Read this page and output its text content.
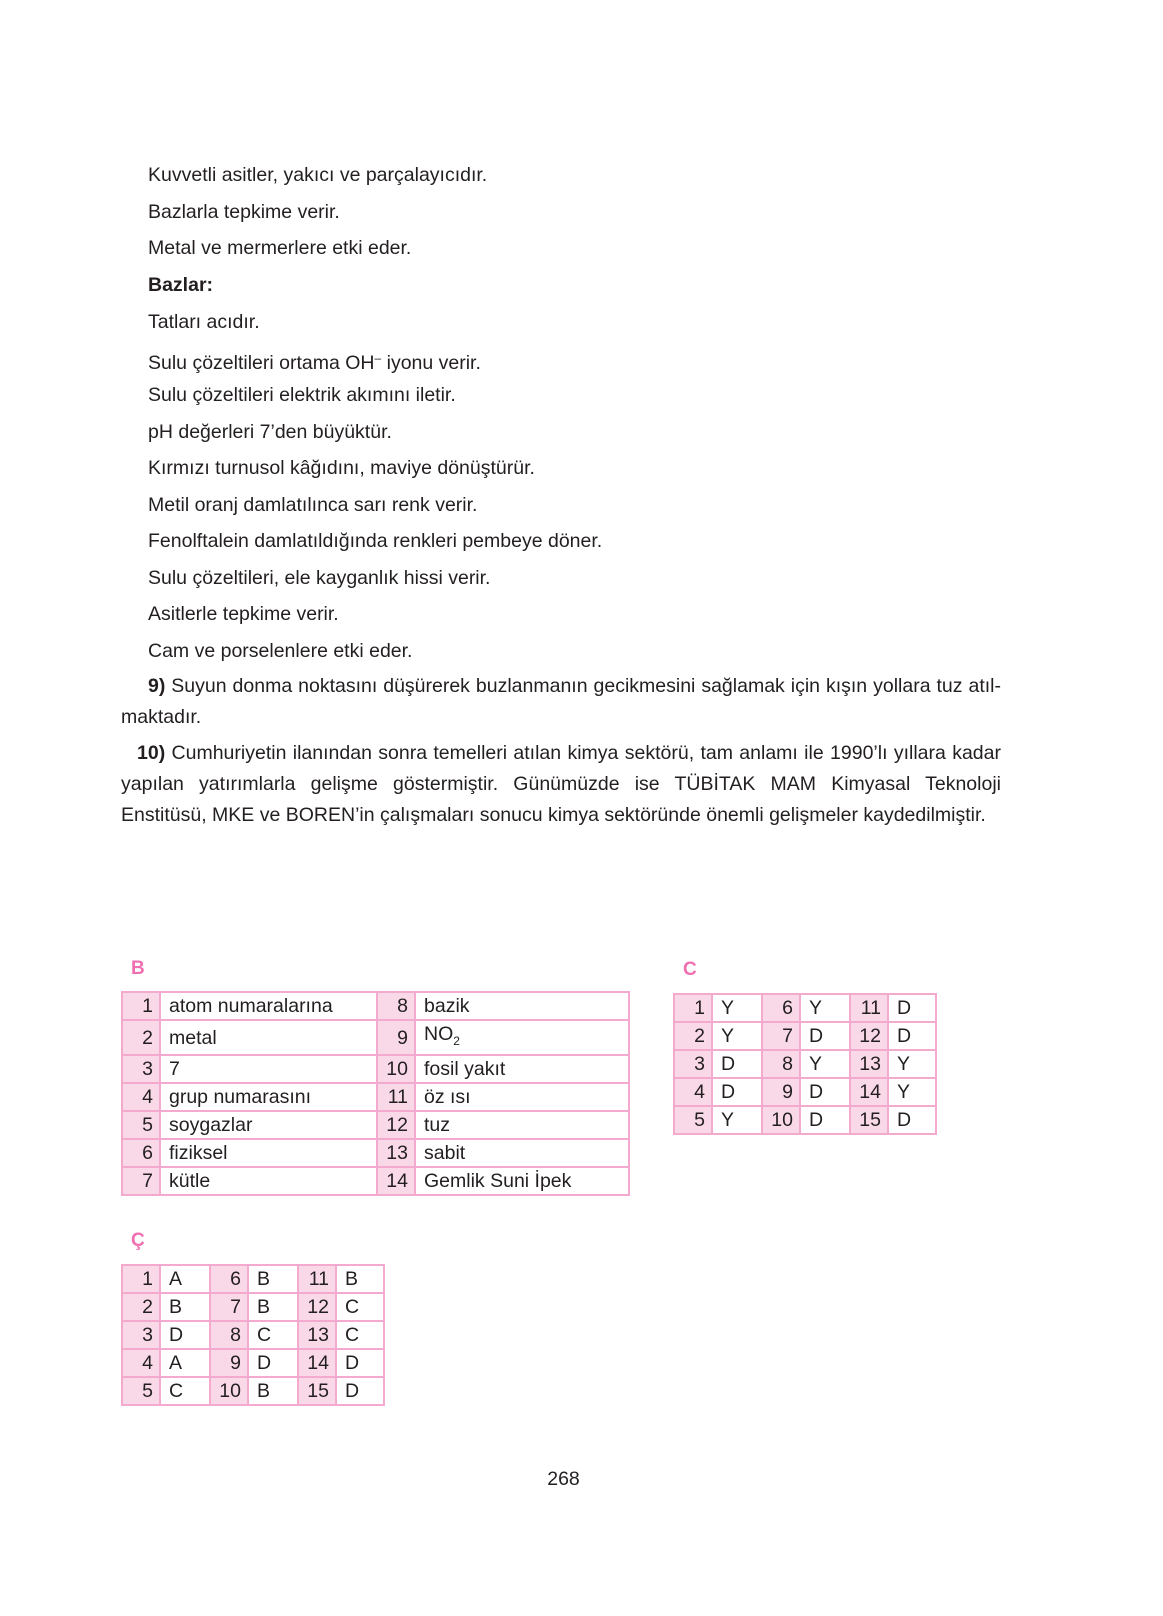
Kuvvetli asitler, yakıcı ve parçalayıcıdır.
Bazlarla tepkime verir.
Metal ve mermerlere etki eder.
Bazlar:
Tatları acıdır.
Sulu çözeltileri ortama OH– iyonu verir.
Sulu çözeltileri elektrik akımını iletir.
pH değerleri 7’den büyüktür.
Kırmızı turnusol kâğıdını, maviye dönüştürür.
Metil oranj damlatılınca sarı renk verir.
Fenolftalein damlatıldığında renkleri pembeye döner.
Sulu çözeltileri, ele kayganlık hissi verir.
Asitlerle tepkime verir.
Cam ve porselenlere etki eder.
9) Suyun donma noktasını düşürerek buzlanmanın gecikmesini sağlamak için kışın yollara tuz atıl- maktadır.
10) Cumhuriyetin ilanından sonra temelleri atılan kimya sektörü, tam anlamı ile 1990’lı yıllara kadar yapılan yatırımlarla gelişme göstermiştir. Günümüzde ise TÜBİTAK MAM Kimyasal Teknoloji Enstitüsü, MKE ve BOREN’in çalışmaları sonucu kimya sektöründe önemli gelişmeler kaydedilmiştir.
B
1	atom numaralarına	8	bazik
2	metal	9	$NO_2$
3	7	10	fosil yakıt
4	grup numarasını	11	öz ısı
5	soygazlar	12	tuz
6	fiziksel	13	sabit
7	kütle	14	Gemlik Suni İpek
C
1	Y	6	Y	11	D
2	Y	7	D	12	D
3	D	8	Y	13	Y
4	D	9	D	14	Y
5	Y	10	D	15	D
Ç
1	A	6	B	11	B
2	B	7	B	12	C
3	D	8	C	13	C
4	A	9	D	14	D
5	C	10	B	15	D
268
